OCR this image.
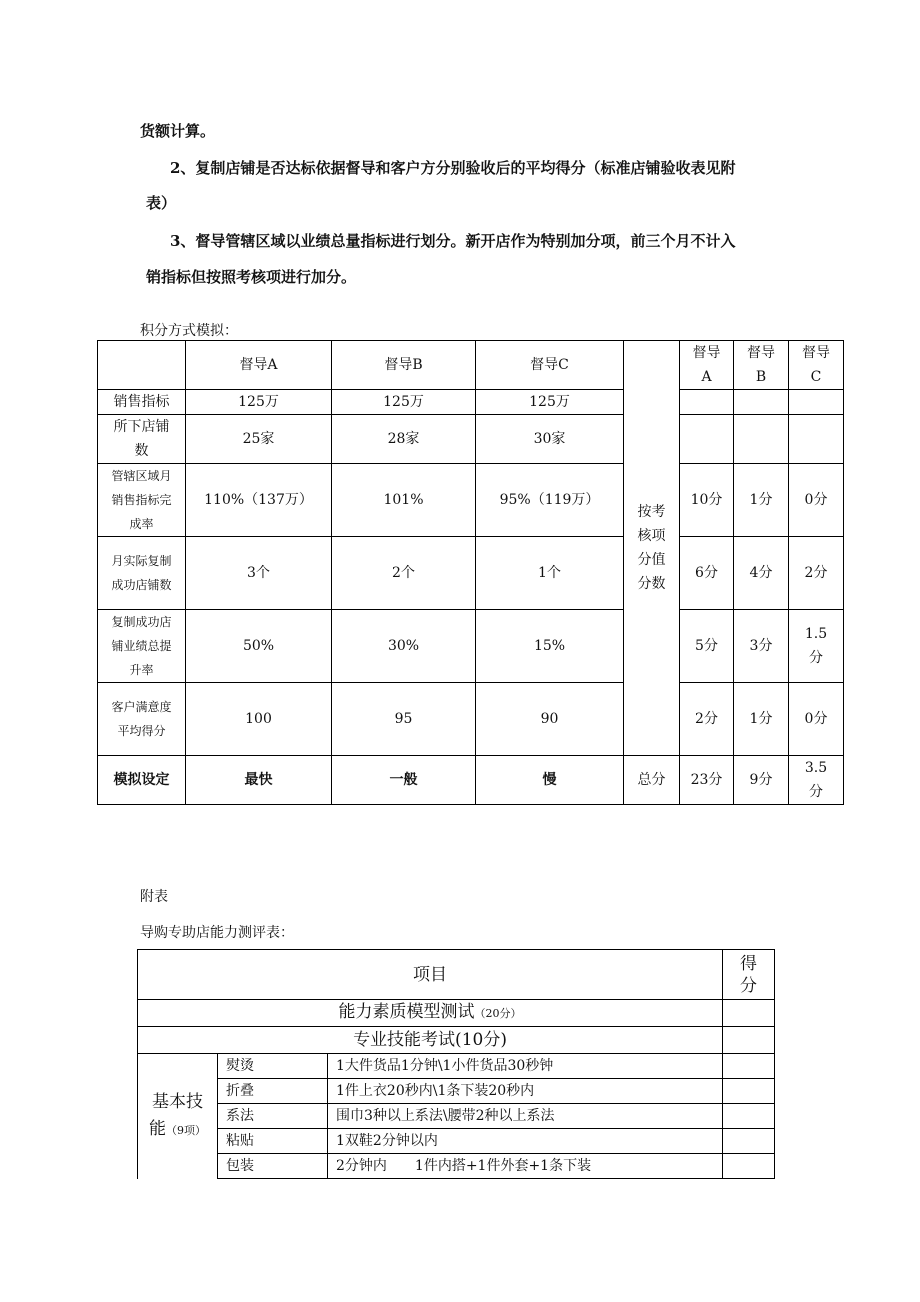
货额计算。
2、复制店铺是否达标依据督导和客户方分别验收后的平均得分（标准店铺验收表见附
表）
3、督导管辖区域以业绩总量指标进行划分。新开店作为特别加分项，前三个月不计入
销指标但按照考核项进行加分。
积分方式模拟：
	督导A	督导B	督导C	按考核项分值分数	督导A	督导B	督导C
销售指标	125万	125万	125万				
所下店铺数	25家	28家	30家				
管辖区域月销售指标完成率	110%（137万）	101%	95%（119万）		10分	1分	0分
月实际复制成功店铺数	3个	2个	1个		6分	4分	2分
复制成功店铺业绩总提升率	50%	30%	15%		5分	3分	1.5分
客户满意度平均得分	100	95	90		2分	1分	0分
模拟设定	最快	一般	慢	总分	23分	9分	3.5分
附表
导购专助店能力测评表：
项目			得分
能力素质模型测试（20分）			
专业技能考试(10分)			
基本技能（9项）	熨烫	1大件货品1分钟\1小件货品30秒钟	
	折叠	1件上衣20秒内\1条下装20秒内	
	系法	围巾3种以上系法\腰带2种以上系法	
	粘贴	1双鞋2分钟以内	
	包装	2分钟内　　1件内搭+1件外套+1条下装	
